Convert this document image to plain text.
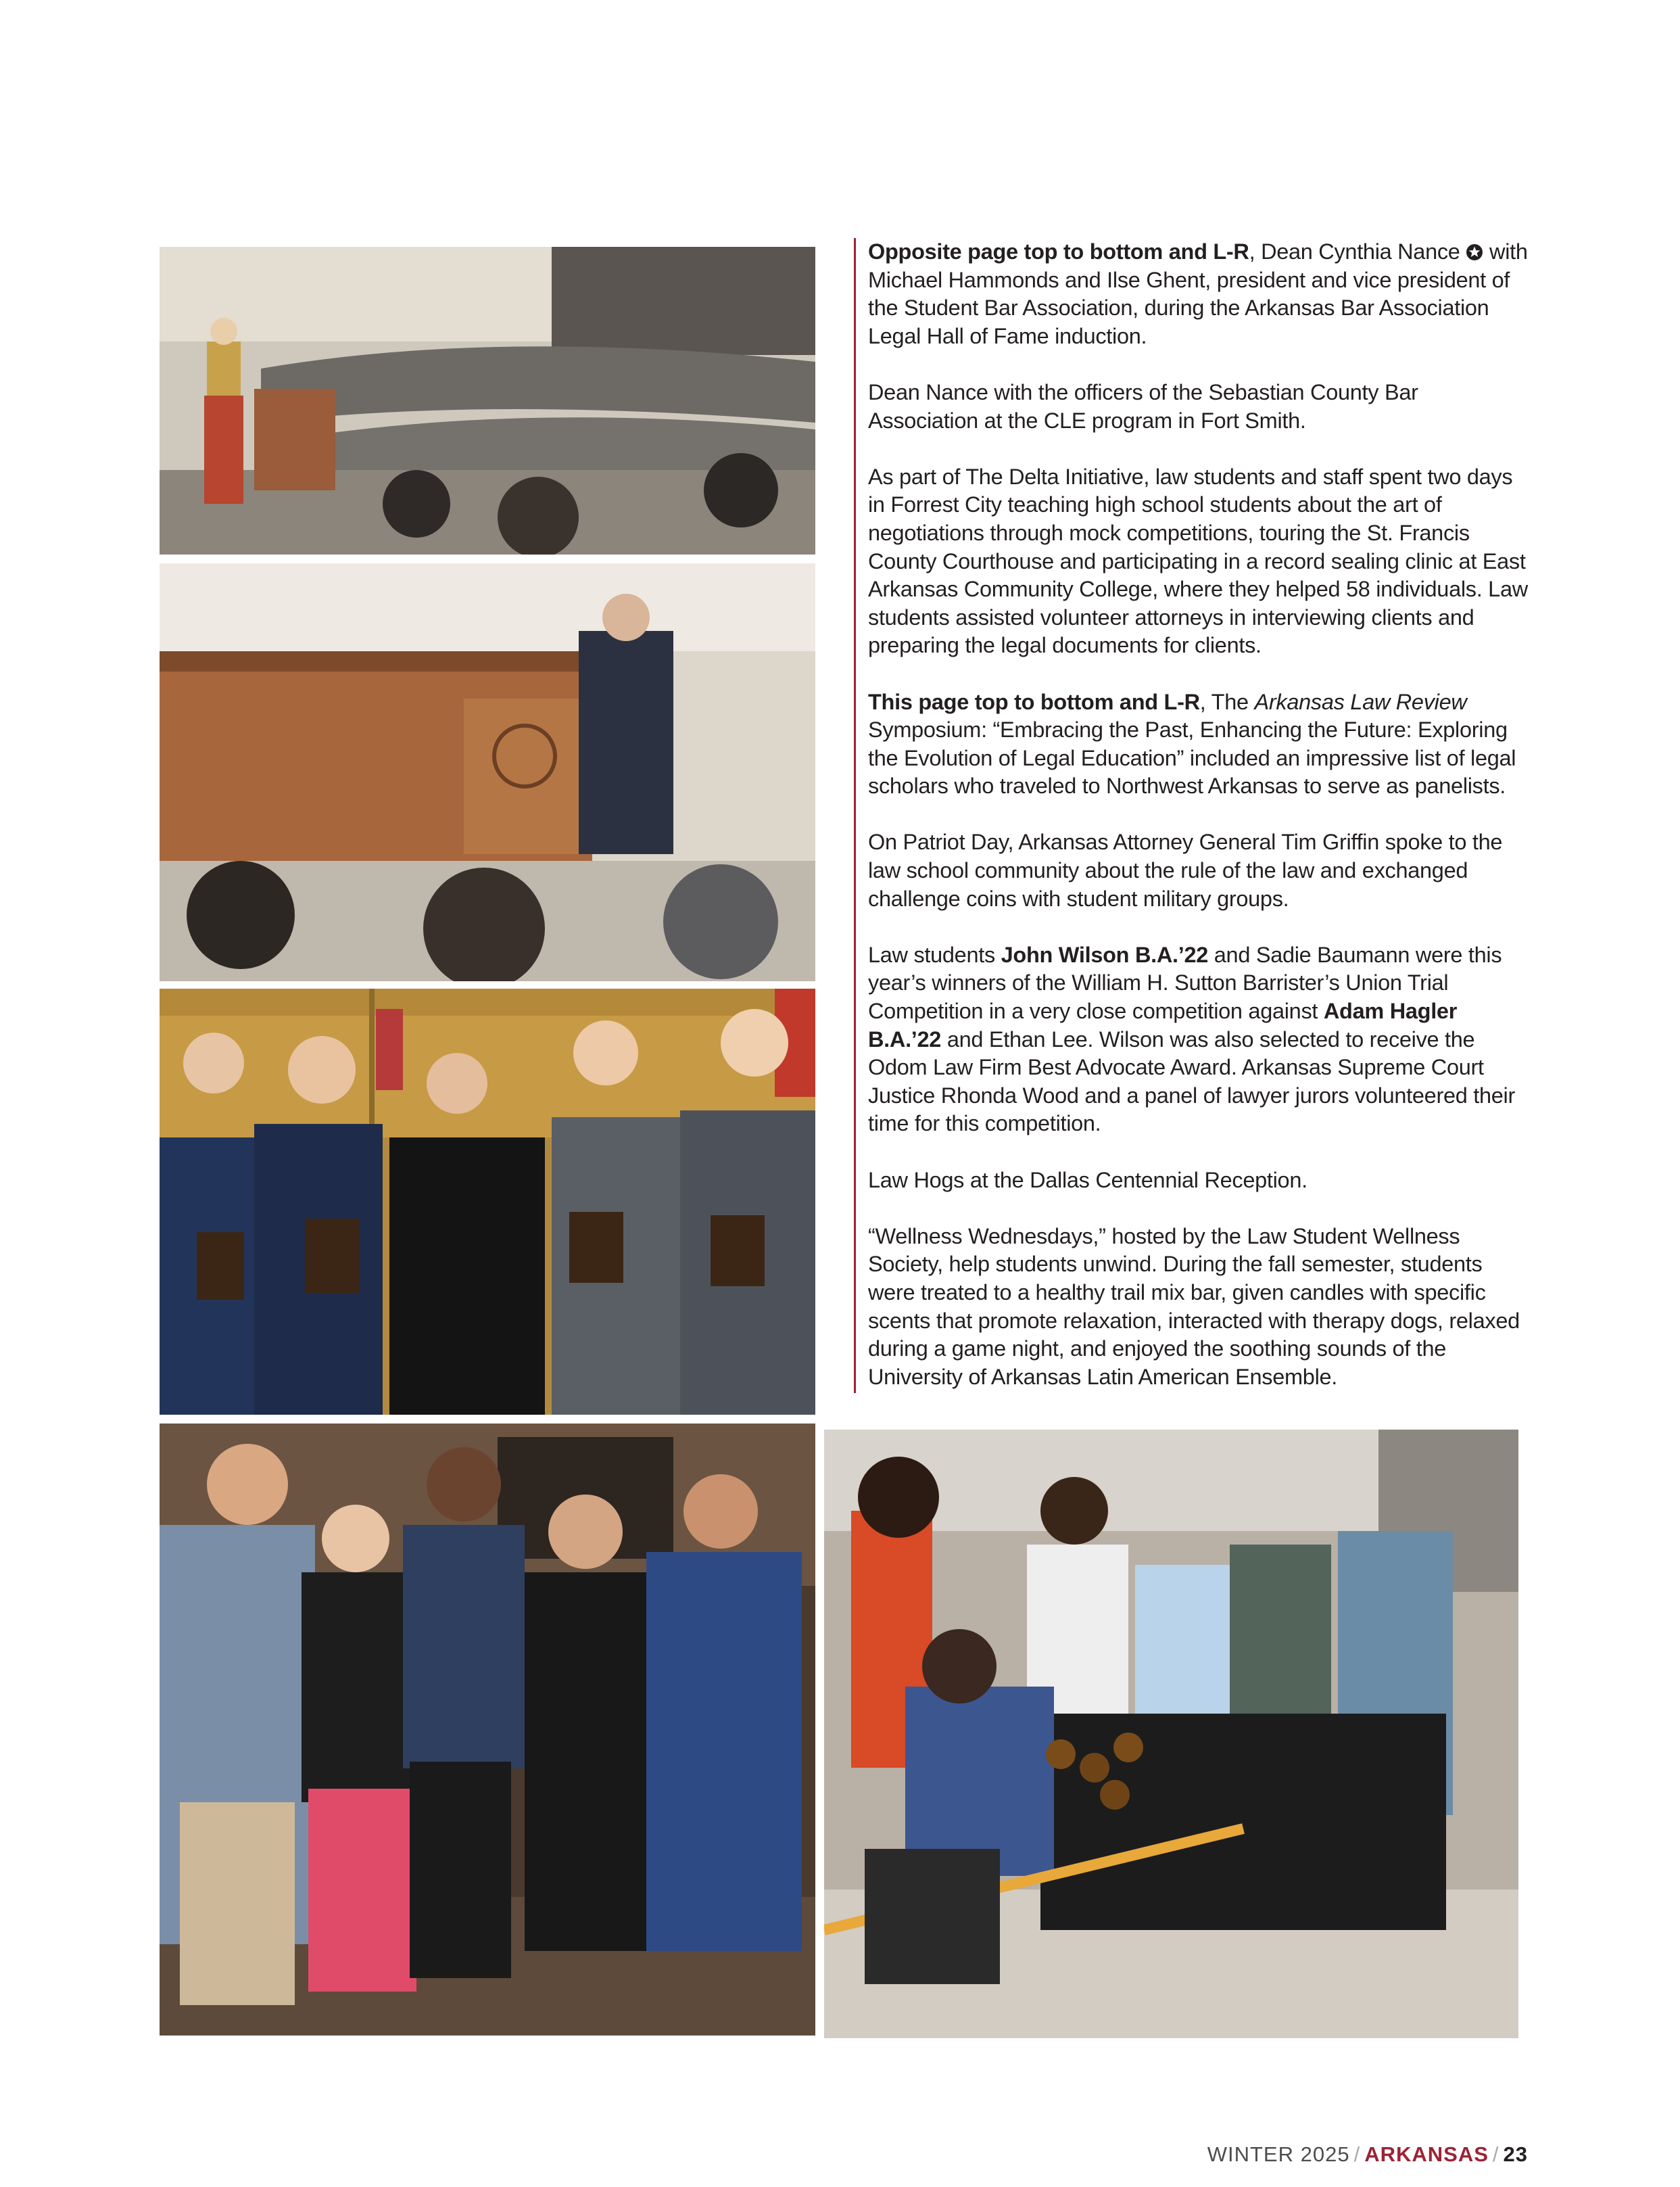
Opposite page top to bottom and L-R, Dean Cynthia Nance  with Michael Hammonds and Ilse Ghent, president and vice president of the Student Bar Association, during the Arkansas Bar Association Legal Hall of Fame induction.

Dean Nance with the officers of the Sebastian County Bar Association at the CLE program in Fort Smith.

As part of The Delta Initiative, law students and staff spent two days in Forrest City teaching high school students about the art of negotiations through mock competitions, touring the St. Francis County Courthouse and participating in a record sealing clinic at East Arkansas Community College, where they helped 58 individuals. Law students assisted volunteer attorneys in interviewing clients and preparing the legal documents for clients.

This page top to bottom and L-R, The Arkansas Law Review Symposium: “Embracing the Past, Enhancing the Future: Exploring the Evolution of Legal Education” included an impressive list of legal scholars who traveled to Northwest Arkansas to serve as panelists.

On Patriot Day, Arkansas Attorney General Tim Griffin spoke to the law school community about the rule of the law and exchanged challenge coins with student military groups.

Law students John Wilson B.A.’22 and Sadie Baumann were this year’s winners of the William H. Sutton Barrister’s Union Trial Competition in a very close competition against Adam Hagler B.A.’22 and Ethan Lee. Wilson was also selected to receive the Odom Law Firm Best Advocate Award. Arkansas Supreme Court Justice Rhonda Wood and a panel of lawyer jurors volunteered their time for this competition.

Law Hogs at the Dallas Centennial Reception.

“Wellness Wednesdays,” hosted by the Law Student Wellness Society, help students unwind. During the fall semester, students were treated to a healthy trail mix bar, given candles with specific scents that promote relaxation, interacted with therapy dogs, relaxed during a game night, and enjoyed the soothing sounds of the University of Arkansas Latin American Ensemble.

WINTER 2025 / ARKANSAS / 23
